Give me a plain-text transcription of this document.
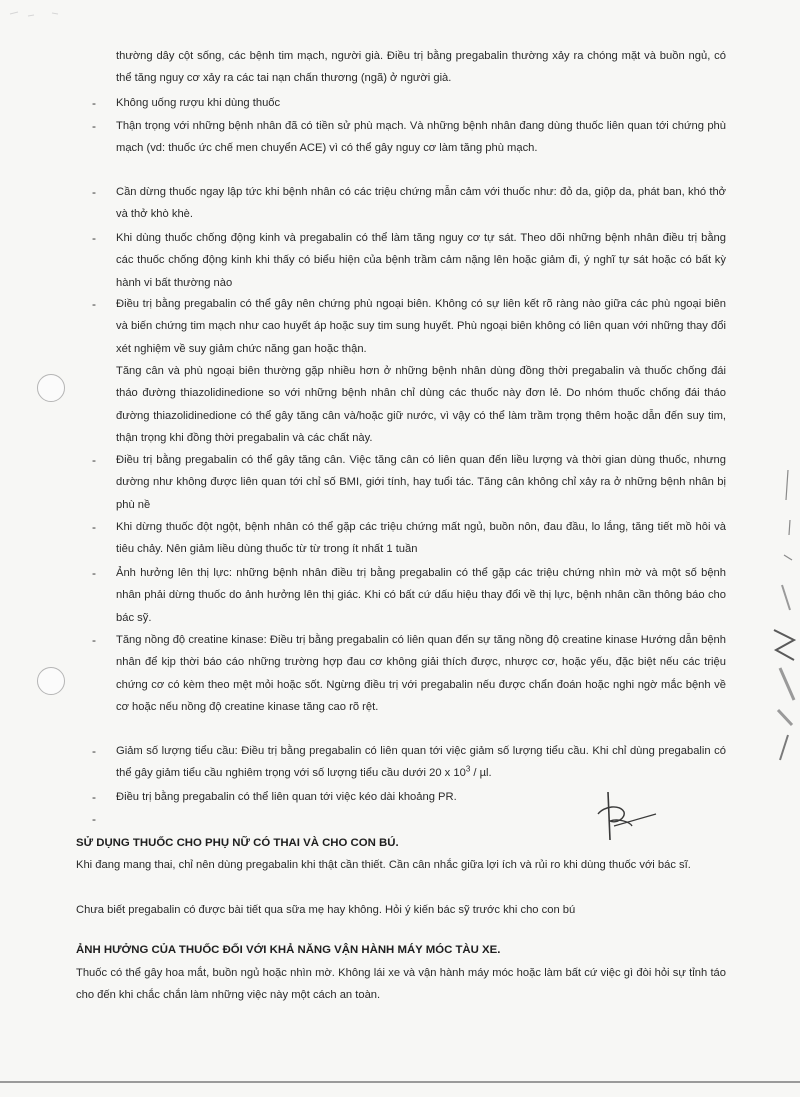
thường dây cột sống, các bệnh tim mạch, người già. Điều trị bằng pregabalin thường xảy ra chóng mặt và buồn ngủ, có thể tăng nguy cơ xảy ra các tai nạn chấn thương (ngã) ở người già.
- Không uống rượu khi dùng thuốc
- Thận trọng với những bệnh nhân đã có tiền sử phù mạch. Và những bệnh nhân đang dùng thuốc liên quan tới chứng phù mạch (vd: thuốc ức chế men chuyển ACE) vì có thể gây nguy cơ làm tăng phù mạch.
- Cần dừng thuốc ngay lập tức khi bệnh nhân có các triệu chứng mẫn cảm với thuốc như: đỏ da, giộp da, phát ban, khó thở và thở khò khè.
- Khi dùng thuốc chống động kinh và pregabalin có thể làm tăng nguy cơ tự sát. Theo dõi những bệnh nhân điều trị bằng các thuốc chống động kinh khi thấy có biểu hiện của bệnh trầm cảm nặng lên hoặc giảm đi, ý nghĩ tự sát hoặc có bất kỳ hành vi bất thường nào
- Điều trị bằng pregabalin có thể gây nên chứng phù ngoại biên. Không có sự liên kết rõ ràng nào giữa các phù ngoại biên và biến chứng tim mạch như cao huyết áp hoặc suy tim sung huyết. Phù ngoại biên không có liên quan với những thay đổi xét nghiệm về suy giảm chức năng gan hoặc thận.
Tăng cân và phù ngoại biên thường gặp nhiều hơn ở những bệnh nhân dùng đồng thời pregabalin và thuốc chống đái tháo đường thiazolidinedione so với những bệnh nhân chỉ dùng các thuốc này đơn lẻ. Do nhóm thuốc chống đái tháo đường thiazolidinedione có thể gây tăng cân và/hoặc giữ nước, vì vậy có thể làm trầm trọng thêm hoặc dẫn đến suy tim, thận trọng khi đồng thời pregabalin và các chất này.
- Điều trị bằng pregabalin có thể gây tăng cân. Việc tăng cân có liên quan đến liều lượng và thời gian dùng thuốc, nhưng dường như không được liên quan tới chỉ số BMI, giới tính, hay tuổi tác. Tăng cân không chỉ xảy ra ở những bệnh nhân bị phù nề
- Khi dừng thuốc đột ngột, bệnh nhân có thể gặp các triệu chứng mất ngủ, buồn nôn, đau đầu, lo lắng, tăng tiết mồ hôi và tiêu chảy. Nên giảm liều dùng thuốc từ từ trong ít nhất 1 tuần
- Ảnh hưởng lên thị lực: những bệnh nhân điều trị bằng pregabalin có thể gặp các triệu chứng nhìn mờ và một số bệnh nhân phải dừng thuốc do ảnh hưởng lên thị giác. Khi có bất cứ dấu hiệu thay đổi về thị lực, bệnh nhân cần thông báo cho bác sỹ.
- Tăng nồng độ creatine kinase: Điều trị bằng pregabalin có liên quan đến sự tăng nồng độ creatine kinase Hướng dẫn bệnh nhân để kịp thời báo cáo những trường hợp đau cơ không giải thích được, nhược cơ, hoặc yếu, đặc biệt nếu các triệu chứng cơ có kèm theo mệt mỏi hoặc sốt. Ngừng điều trị với pregabalin nếu được chẩn đoán hoặc nghi ngờ mắc bệnh về cơ hoặc nếu nồng độ creatine kinase tăng cao rõ rệt.
- Giảm số lượng tiểu cầu: Điều trị bằng pregabalin có liên quan tới việc giảm số lượng tiểu cầu. Khi chỉ dùng pregabalin có thể gây giảm tiểu cầu nghiêm trọng với số lượng tiểu cầu dưới 20 x $10^3$ / µl.
- Điều trị bằng pregabalin có thể liên quan tới việc kéo dài khoảng PR.
-
SỬ DỤNG THUỐC CHO PHỤ NỮ CÓ THAI VÀ CHO CON BÚ.
Khi đang mang thai, chỉ nên dùng pregabalin khi thật cần thiết. Cần cân nhắc giữa lợi ích và rủi ro khi dùng thuốc với bác sĩ.
Chưa biết pregabalin có được bài tiết qua sữa mẹ hay không. Hỏi ý kiến bác sỹ trước khi cho con bú
ẢNH HƯỞNG CỦA THUỐC ĐỐI VỚI KHẢ NĂNG VẬN HÀNH MÁY MÓC TÀU XE.
Thuốc có thể gây hoa mắt, buồn ngủ hoặc nhìn mờ. Không lái xe và vận hành máy móc hoặc làm bất cứ việc gì đòi hỏi sự tỉnh táo cho đến khi chắc chắn làm những việc này một cách an toàn.
